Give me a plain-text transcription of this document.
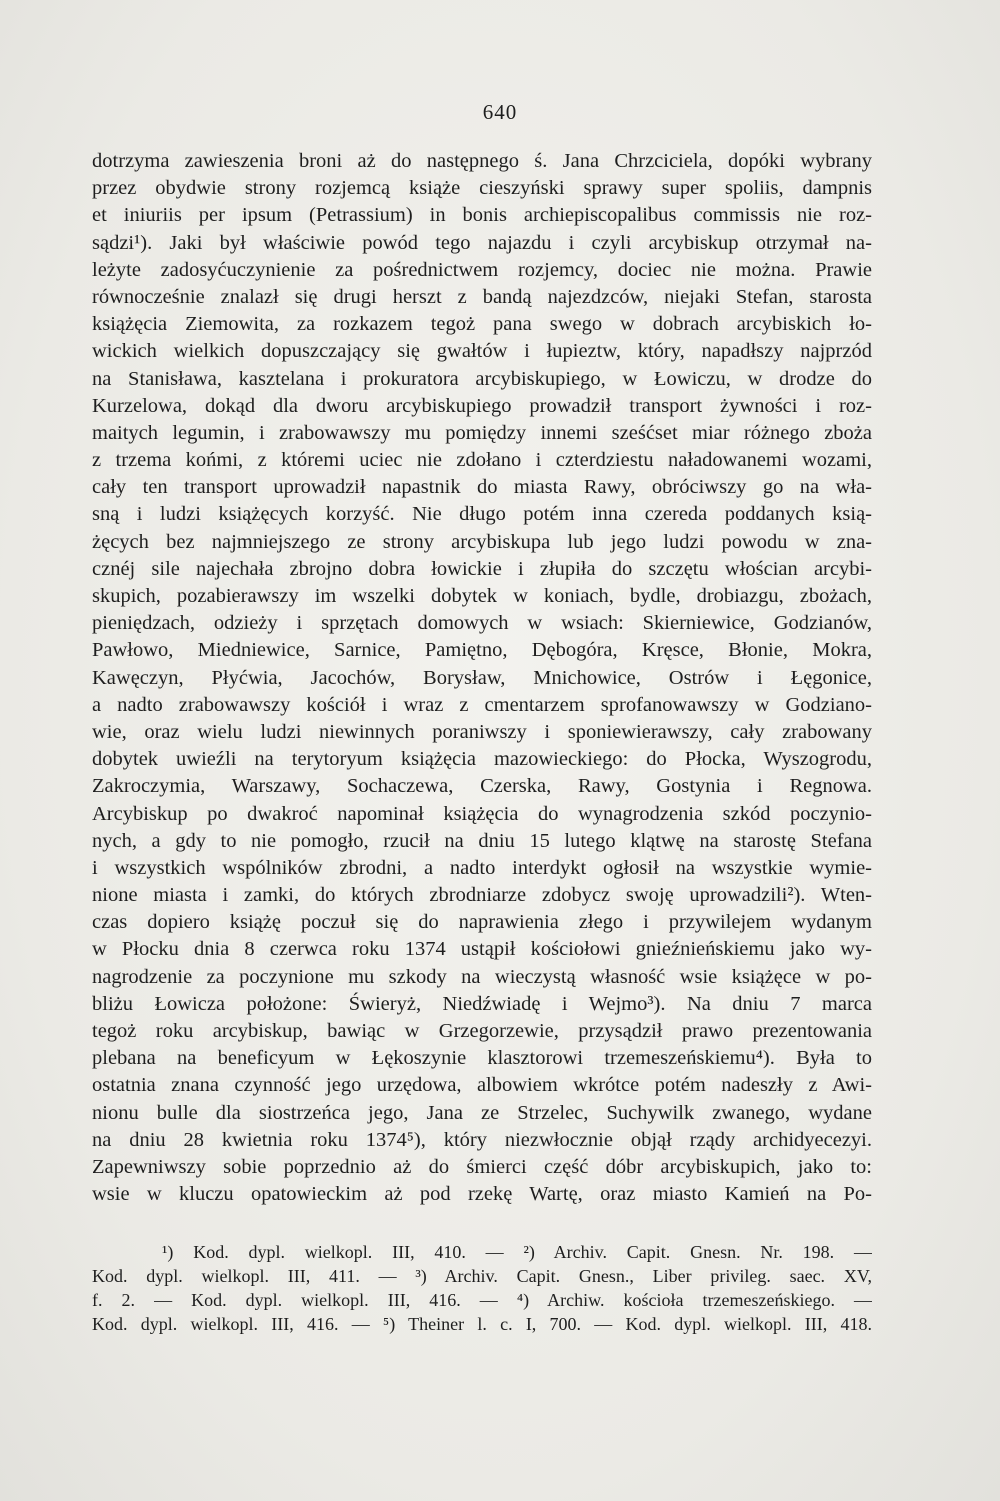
640
dotrzyma zawieszenia broni aż do następnego ś. Jana Chrzciciela, dopóki wybrany
przez obydwie strony rozjemcą książe cieszyński sprawy super spoliis, dampnis
et iniuriis per ipsum (Petrassium) in bonis archiepiscopalibus commissis nie roz-
sądzi¹). Jaki był właściwie powód tego najazdu i czyli arcybiskup otrzymał na-
leżyte zadosyćuczynienie za pośrednictwem rozjemcy, dociec nie można. Prawie
równocześnie znalazł się drugi herszt z bandą najezdzców, niejaki Stefan, starosta
książęcia Ziemowita, za rozkazem tegoż pana swego w dobrach arcybiskich ło-
wickich wielkich dopuszczający się gwałtów i łupieztw, który, napadłszy najprzód
na Stanisława, kasztelana i prokuratora arcybiskupiego, w Łowiczu, w drodze do
Kurzelowa, dokąd dla dworu arcybiskupiego prowadził transport żywności i roz-
maitych legumin, i zrabowawszy mu pomiędzy innemi sześćset miar różnego zboża
z trzema końmi, z któremi uciec nie zdołano i czterdziestu naładowanemi wozami,
cały ten transport uprowadził napastnik do miasta Rawy, obróciwszy go na wła-
sną i ludzi książęcych korzyść. Nie długo potém inna czereda poddanych ksią-
żęcych bez najmniejszego ze strony arcybiskupa lub jego ludzi powodu w zna-
cznéj sile najechała zbrojno dobra łowickie i złupiła do szczętu włościan arcybi-
skupich, pozabierawszy im wszelki dobytek w koniach, bydle, drobiazgu, zbożach,
pieniędzach, odzieży i sprzętach domowych w wsiach: Skierniewice, Godzianów,
Pawłowo, Miedniewice, Sarnice, Pamiętno, Dębogóra, Kręsce, Błonie, Mokra,
Kawęczyn, Płyćwia, Jacochów, Borysław, Mnichowice, Ostrów i Łęgonice,
a nadto zrabowawszy kościół i wraz z cmentarzem sprofanowawszy w Godziano-
wie, oraz wielu ludzi niewinnych poraniwszy i sponiewierawszy, cały zrabowany
dobytek uwieźli na terytoryum książęcia mazowieckiego: do Płocka, Wyszogrodu,
Zakroczymia, Warszawy, Sochaczewa, Czerska, Rawy, Gostynia i Regnowa.
Arcybiskup po dwakroć napominał książęcia do wynagrodzenia szkód poczynio-
nych, a gdy to nie pomogło, rzucił na dniu 15 lutego klątwę na starostę Stefana
i wszystkich wspólników zbrodni, a nadto interdykt ogłosił na wszystkie wymie-
nione miasta i zamki, do których zbrodniarze zdobycz swoję uprowadzili²). Wten-
czas dopiero książę poczuł się do naprawienia złego i przywilejem wydanym
w Płocku dnia 8 czerwca roku 1374 ustąpił kościołowi gnieźnieńskiemu jako wy-
nagrodzenie za poczynione mu szkody na wieczystą własność wsie książęce w po-
bliżu Łowicza położone: Świeryż, Niedźwiadę i Wejmo³). Na dniu 7 marca
tegoż roku arcybiskup, bawiąc w Grzegorzewie, przysądził prawo prezentowania
plebana na beneficyum w Łękoszynie klasztorowi trzemeszeńskiemu⁴). Była to
ostatnia znana czynność jego urzędowa, albowiem wkrótce potém nadeszły z Awi-
nionu bulle dla siostrzeńca jego, Jana ze Strzelec, Suchywilk zwanego, wydane
na dniu 28 kwietnia roku 1374⁵), który niezwłocznie objął rządy archidyecezyi.
Zapewniwszy sobie poprzednio aż do śmierci część dóbr arcybiskupich, jako to:
wsie w kluczu opatowieckim aż pod rzekę Wartę, oraz miasto Kamień na Po-
¹) Kod. dypl. wielkopl. III, 410. — ²) Archiv. Capit. Gnesn. Nr. 198. —
Kod. dypl. wielkopl. III, 411. — ³) Archiv. Capit. Gnesn., Liber privileg. saec. XV,
f. 2. — Kod. dypl. wielkopl. III, 416. — ⁴) Archiw. kościoła trzemeszeńskiego. —
Kod. dypl. wielkopl. III, 416. — ⁵) Theiner l. c. I, 700. — Kod. dypl. wielkopl. III, 418.
